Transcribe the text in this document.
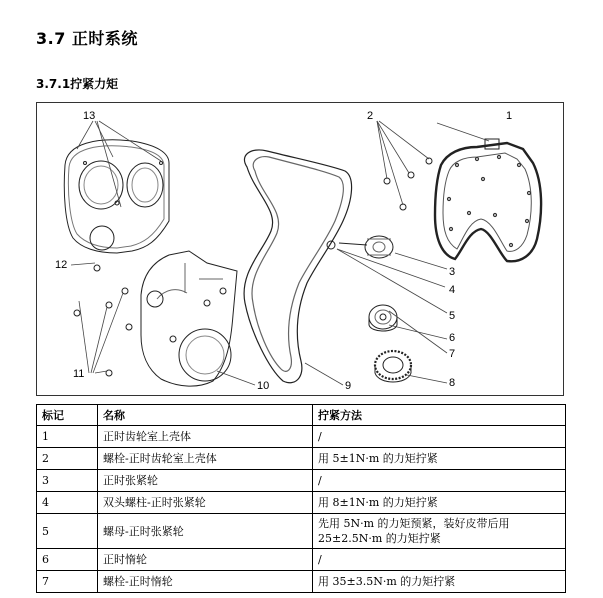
3.7 正时系统
3.7.1拧紧力矩
1
2
3
4
5
6
7
8
9
10
11
12
13
标记	名称	拧紧方法
1	正时齿轮室上壳体	/
2	螺栓-正时齿轮室上壳体	用 5±1N·m 的力矩拧紧
3	正时张紧轮	/
4	双头螺柱-正时张紧轮	用 8±1N·m 的力矩拧紧
5	螺母-正时张紧轮	先用 5N·m 的力矩预紧，装好皮带后用 25±2.5N·m 的力矩拧紧
6	正时惰轮	/
7	螺栓-正时惰轮	用 35±3.5N·m 的力矩拧紧
